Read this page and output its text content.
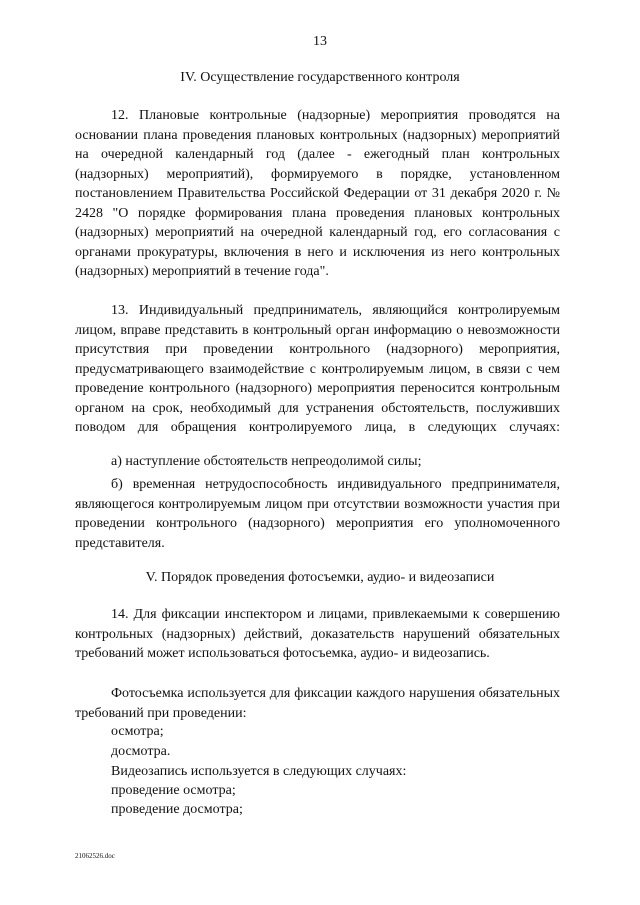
13
IV. Осуществление государственного контроля

12. Плановые контрольные (надзорные) мероприятия проводятся на основании плана проведения плановых контрольных (надзорных) мероприятий на очередной календарный год (далее - ежегодный план контрольных (надзорных) мероприятий), формируемого в порядке, установленном постановлением Правительства Российской Федерации от 31 декабря 2020 г. № 2428 "О порядке формирования плана проведения плановых контрольных (надзорных) мероприятий на очередной календарный год, его согласования с органами прокуратуры, включения в него и исключения из него контрольных (надзорных) мероприятий в течение года".

13. Индивидуальный предприниматель, являющийся контролируемым лицом, вправе представить в контрольный орган информацию о невозможности присутствия при проведении контрольного (надзорного) мероприятия, предусматривающего взаимодействие с контролируемым лицом, в связи с чем проведение контрольного (надзорного) мероприятия переносится контрольным органом на срок, необходимый для устранения обстоятельств, послуживших поводом для обращения контролируемого лица, в следующих случаях:

а) наступление обстоятельств непреодолимой силы;

б) временная нетрудоспособность индивидуального предпринимателя, являющегося контролируемым лицом при отсутствии возможности участия при проведении контрольного (надзорного) мероприятия его уполномоченного представителя.

V. Порядок проведения фотосъемки, аудио- и видеозаписи

14. Для фиксации инспектором и лицами, привлекаемыми к совершению контрольных (надзорных) действий, доказательств нарушений обязательных требований может использоваться фотосъемка, аудио- и видеозапись.

Фотосъемка используется для фиксации каждого нарушения обязательных требований при проведении:

осмотра;
досмотра.
Видеозапись используется в следующих случаях:
проведение осмотра;
проведение досмотра;
21062526.doc
